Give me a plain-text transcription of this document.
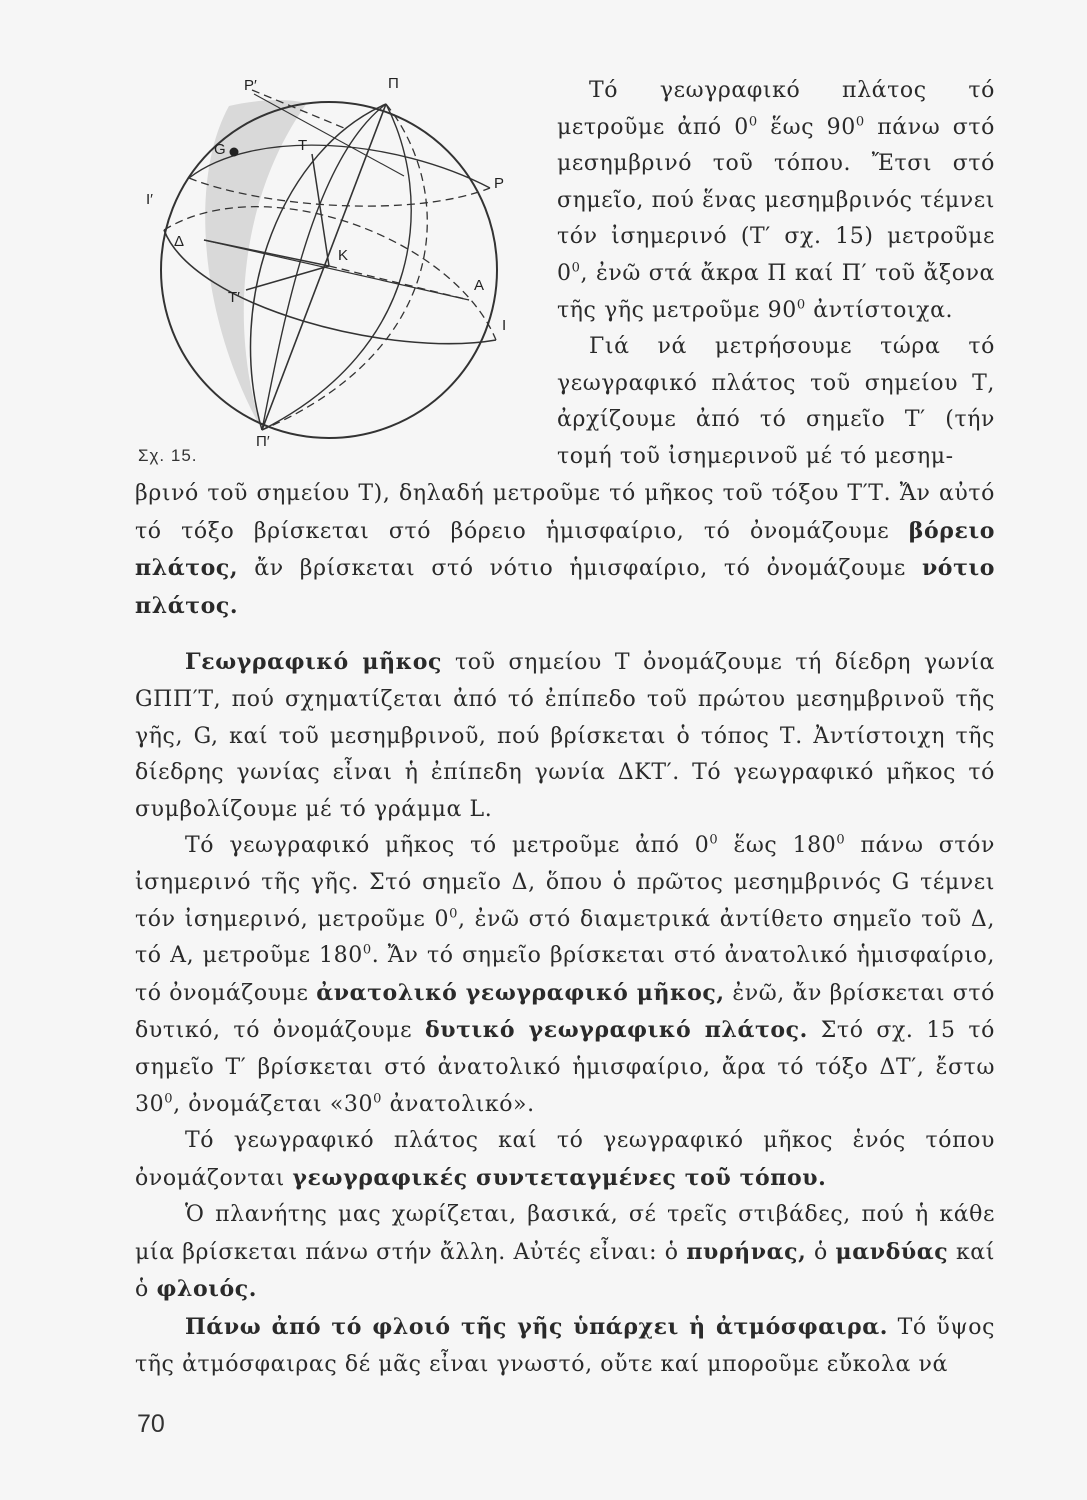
P′	Π
G	T
P
I′
Δ
K
A
T′
I
Π′
Σχ. 15.

Τό γεωγραφικό πλάτος τό μετροῦμε ἀπό $0^0$ ἕως $90^0$ πάνω στό μεσημβρινό τοῦ τόπου. Ἔτσι στό σημεῖο, πού ἕνας μεσημβρινός τέμνει τόν ἰσημερινό (Τ′ σχ. 15) μετροῦμε $0^0$, ἐνῶ στά ἄκρα Π καί Π′ τοῦ ἄξονα τῆς γῆς μετροῦμε $90^0$ ἀντίστοιχα.

Γιά νά μετρήσουμε τώρα τό γεωγραφικό πλάτος τοῦ σημείου Τ, ἀρχίζουμε ἀπό τό σημεῖο Τ′ (τήν τομή τοῦ ἰσημερινοῦ μέ τό μεσημ-

βρινό τοῦ σημείου Τ), δηλαδή μετροῦμε τό μῆκος τοῦ τόξου Τ′Τ. Ἄν αὐτό τό τόξο βρίσκεται στό βόρειο ἡμισφαίριο, τό ὀνομάζουμε βόρειο πλάτος, ἄν βρίσκεται στό νότιο ἡμισφαίριο, τό ὀνομάζουμε νότιο πλάτος.

Γεωγραφικό μῆκος τοῦ σημείου Τ ὀνομάζουμε τή δίεδρη γωνία GΠΠ′Τ, πού σχηματίζεται ἀπό τό ἐπίπεδο τοῦ πρώτου μεσημβρινοῦ τῆς γῆς, G, καί τοῦ μεσημβρινοῦ, πού βρίσκεται ὁ τόπος Τ. Ἀντίστοιχη τῆς δίεδρης γωνίας εἶναι ἡ ἐπίπεδη γωνία ΔΚΤ′. Τό γεωγραφικό μῆκος τό συμβολίζουμε μέ τό γράμμα L.

Τό γεωγραφικό μῆκος τό μετροῦμε ἀπό $0^0$ ἕως $180^0$ πάνω στόν ἰσημερινό τῆς γῆς. Στό σημεῖο Δ, ὅπου ὁ πρῶτος μεσημβρινός G τέμνει τόν ἰσημερινό, μετροῦμε $0^0$, ἐνῶ στό διαμετρικά ἀντίθετο σημεῖο τοῦ Δ, τό Α, μετροῦμε $180^0$. Ἄν τό σημεῖο βρίσκεται στό ἀνατολικό ἡμισφαίριο, τό ὀνομάζουμε ἀνατολικό γεωγραφικό μῆκος, ἐνῶ, ἄν βρίσκεται στό δυτικό, τό ὀνομάζουμε δυτικό γεωγραφικό πλάτος. Στό σχ. 15 τό σημεῖο Τ′ βρίσκεται στό ἀνατολικό ἡμισφαίριο, ἄρα τό τόξο ΔΤ′, ἔστω $30^0$, ὀνομάζεται «$30^0$ ἀνατολικό».

Τό γεωγραφικό πλάτος καί τό γεωγραφικό μῆκος ἑνός τόπου ὀνομάζονται γεωγραφικές συντεταγμένες τοῦ τόπου.

Ὁ πλανήτης μας χωρίζεται, βασικά, σέ τρεῖς στιβάδες, πού ἡ κάθε μία βρίσκεται πάνω στήν ἄλλη. Αὐτές εἶναι: ὁ πυρήνας, ὁ μανδύας καί ὁ φλοιός.

Πάνω ἀπό τό φλοιό τῆς γῆς ὑπάρχει ἡ ἀτμόσφαιρα. Τό ὕψος τῆς ἀτμόσφαιρας δέ μᾶς εἶναι γνωστό, οὔτε καί μποροῦμε εὔκολα νά

70
